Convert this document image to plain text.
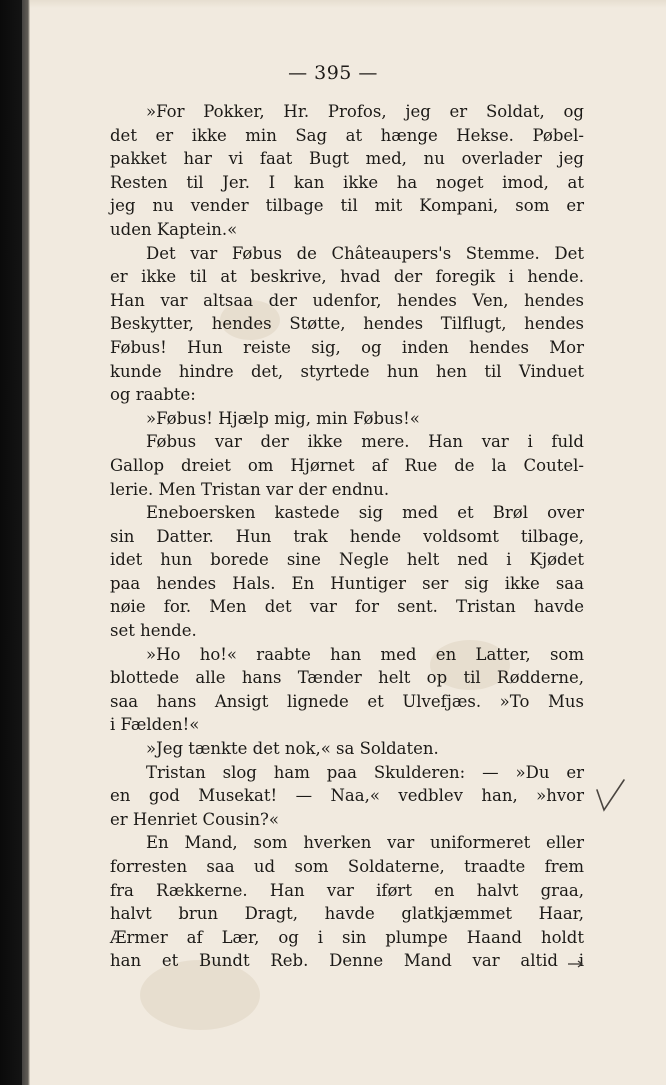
— 395 —
»For Pokker, Hr. Profos, jeg er Soldat, og
det er ikke min Sag at hænge Hekse. Pøbel-
pakket har vi faat Bugt med, nu overlader jeg
Resten til Jer. I kan ikke ha noget imod, at
jeg nu vender tilbage til mit Kompani, som er
uden Kaptein.«
Det var Føbus de Châteaupers's Stemme. Det
er ikke til at beskrive, hvad der foregik i hende.
Han var altsaa der udenfor, hendes Ven, hendes
Beskytter, hendes Støtte, hendes Tilflugt, hendes
Føbus! Hun reiste sig, og inden hendes Mor
kunde hindre det, styrtede hun hen til Vinduet
og raabte:
»Føbus! Hjælp mig, min Føbus!«
Føbus var der ikke mere. Han var i fuld
Gallop dreiet om Hjørnet af Rue de la Coutel-
lerie. Men Tristan var der endnu.
Eneboersken kastede sig med et Brøl over
sin Datter. Hun trak hende voldsomt tilbage,
idet hun borede sine Negle helt ned i Kjødet
paa hendes Hals. En Huntiger ser sig ikke saa
nøie for. Men det var for sent. Tristan havde
set hende.
»Ho ho!« raabte han med en Latter, som
blottede alle hans Tænder helt op til Rødderne,
saa hans Ansigt lignede et Ulvefjæs. »To Mus
i Fælden!«
»Jeg tænkte det nok,« sa Soldaten.
Tristan slog ham paa Skulderen: — »Du er
en god Musekat! — Naa,« vedblev han, »hvor
er Henriet Cousin?«
En Mand, som hverken var uniformeret eller
forresten saa ud som Soldaterne, traadte frem
fra Rækkerne. Han var iført en halvt graa,
halvt brun Dragt, havde glatkjæmmet Haar,
Ærmer af Lær, og i sin plumpe Haand holdt
han et Bundt Reb. Denne Mand var altid i
